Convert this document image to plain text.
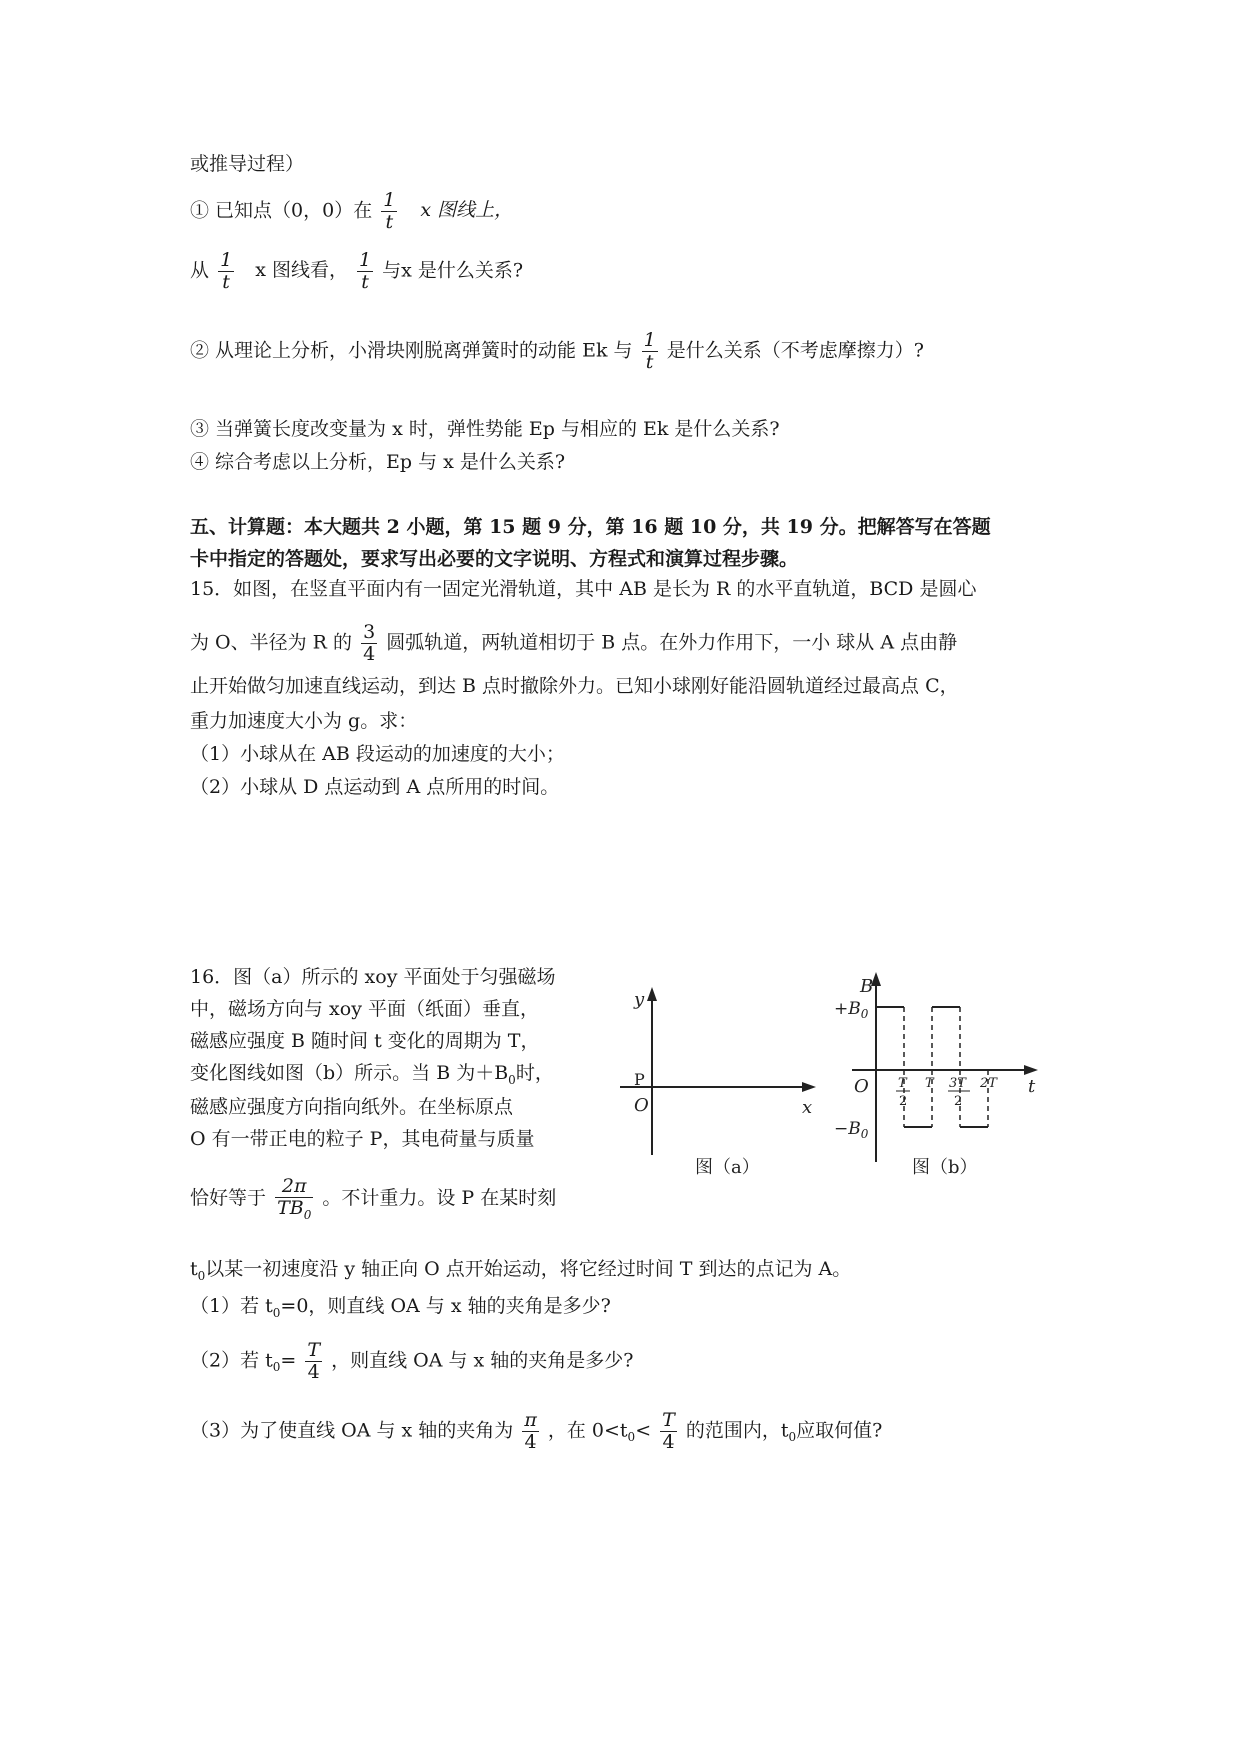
或推导过程）
① 已知点（0，0）在 $\frac{1}{t}$ x 图线上，
从 $\frac{1}{t}$ x 图线看， $\frac{1}{t}$ 与x 是什么关系?
② 从理论上分析，小滑块刚脱离弹簧时的动能 Ek 与 $\frac{1}{t}$ 是什么关系（不考虑摩擦力）?
③ 当弹簧长度改变量为 x 时，弹性势能 Ep 与相应的 Ek 是什么关系?
④ 综合考虑以上分析，Ep 与 x 是什么关系?
五、计算题：本大题共 2 小题，第 15 题 9 分，第 16 题 10 分，共 19 分。把解答写在答题
卡中指定的答题处，要求写出必要的文字说明、方程式和演算过程步骤。
15．如图，在竖直平面内有一固定光滑轨道，其中 AB 是长为 R 的水平直轨道，BCD 是圆心
为 O、半径为 R 的 $\frac{3}{4}$ 圆弧轨道，两轨道相切于 B 点。在外力作用下，一小 球从 A 点由静
止开始做匀加速直线运动，到达 B 点时撤除外力。已知小球刚好能沿圆轨道经过最高点 C，
重力加速度大小为 g。求：
（1）小球从在 AB 段运动的加速度的大小；
（2）小球从 D 点运动到 A 点所用的时间。
16．图（a）所示的 xoy 平面处于匀强磁场
中，磁场方向与 xoy 平面（纸面）垂直，
磁感应强度 B 随时间 t 变化的周期为 T，
变化图线如图（b）所示。当 B 为$+B_0$时，
磁感应强度方向指向纸外。在坐标原点
O 有一带正电的粒子 P，其电荷量与质量
恰好等于 $\frac{2\pi}{TB_0}$ 。不计重力。设 P 在某时刻
$t_0$以某一初速度沿 y 轴正向 O 点开始运动，将它经过时间 T 到达的点记为 A。
（1）若 $t_0=0$，则直线 OA 与 x 轴的夹角是多少?
（2）若 $t_0= \frac{T}{4}$ ，则直线 OA 与 x 轴的夹角是多少?
（3）为了使直线 OA 与 x 轴的夹角为 $\frac{\pi}{4}$ ，在 $0<t_0< \frac{T}{4}$ 的范围内，$t_0$应取何值?
y
x
O
P
图（a）
B
$+B_0$
$-B_0$
O	t
T
2
T 3T
2
2T
图（b）
